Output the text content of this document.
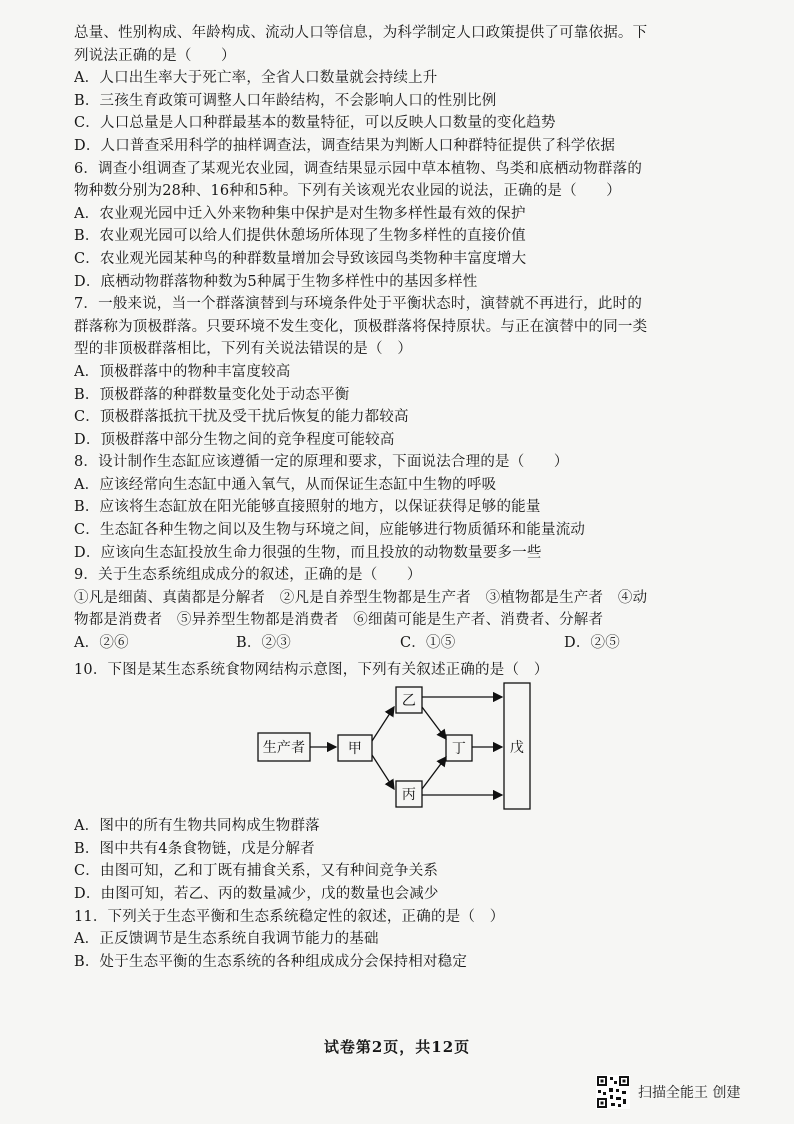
总量、性别构成、年龄构成、流动人口等信息，为科学制定人口政策提供了可靠依据。下
列说法正确的是（　　）
A．人口出生率大于死亡率，全省人口数量就会持续上升
B．三孩生育政策可调整人口年龄结构，不会影响人口的性别比例
C．人口总量是人口种群最基本的数量特征，可以反映人口数量的变化趋势
D．人口普查采用科学的抽样调查法，调查结果为判断人口种群特征提供了科学依据
6．调查小组调查了某观光农业园，调查结果显示园中草本植物、鸟类和底栖动物群落的
物种数分别为28种、16种和5种。下列有关该观光农业园的说法，正确的是（　　）
A．农业观光园中迁入外来物种集中保护是对生物多样性最有效的保护
B．农业观光园可以给人们提供休憩场所体现了生物多样性的直接价值
C．农业观光园某种鸟的种群数量增加会导致该园鸟类物种丰富度增大
D．底栖动物群落物种数为5种属于生物多样性中的基因多样性
7．一般来说，当一个群落演替到与环境条件处于平衡状态时，演替就不再进行，此时的
群落称为顶极群落。只要环境不发生变化，顶极群落将保持原状。与正在演替中的同一类
型的非顶极群落相比，下列有关说法错误的是（　）
A．顶极群落中的物种丰富度较高
B．顶极群落的种群数量变化处于动态平衡
C．顶极群落抵抗干扰及受干扰后恢复的能力都较高
D．顶极群落中部分生物之间的竞争程度可能较高
8．设计制作生态缸应该遵循一定的原理和要求，下面说法合理的是（　　）
A．应该经常向生态缸中通入氧气，从而保证生态缸中生物的呼吸
B．应该将生态缸放在阳光能够直接照射的地方，以保证获得足够的能量
C．生态缸各种生物之间以及生物与环境之间，应能够进行物质循环和能量流动
D．应该向生态缸投放生命力很强的生物，而且投放的动物数量要多一些
9．关于生态系统组成成分的叙述，正确的是（　　）
①凡是细菌、真菌都是分解者　②凡是自养型生物都是生产者　③植物都是生产者　④动
物都是消费者　⑤异养型生物都是消费者　⑥细菌可能是生产者、消费者、分解者
A．②⑥	B．②③	C．①⑤	D．②⑤
10．下图是某生态系统食物网结构示意图，下列有关叙述正确的是（　）
生产者	甲
乙
丙
丁	戊
A．图中的所有生物共同构成生物群落
B．图中共有4条食物链，戊是分解者
C．由图可知，乙和丁既有捕食关系，又有种间竞争关系
D．由图可知，若乙、丙的数量减少，戊的数量也会减少
11．下列关于生态平衡和生态系统稳定性的叙述，正确的是（　）
A．正反馈调节是生态系统自我调节能力的基础
B．处于生态平衡的生态系统的各种组成成分会保持相对稳定
试卷第2页，共12页
扫描全能王 创建
